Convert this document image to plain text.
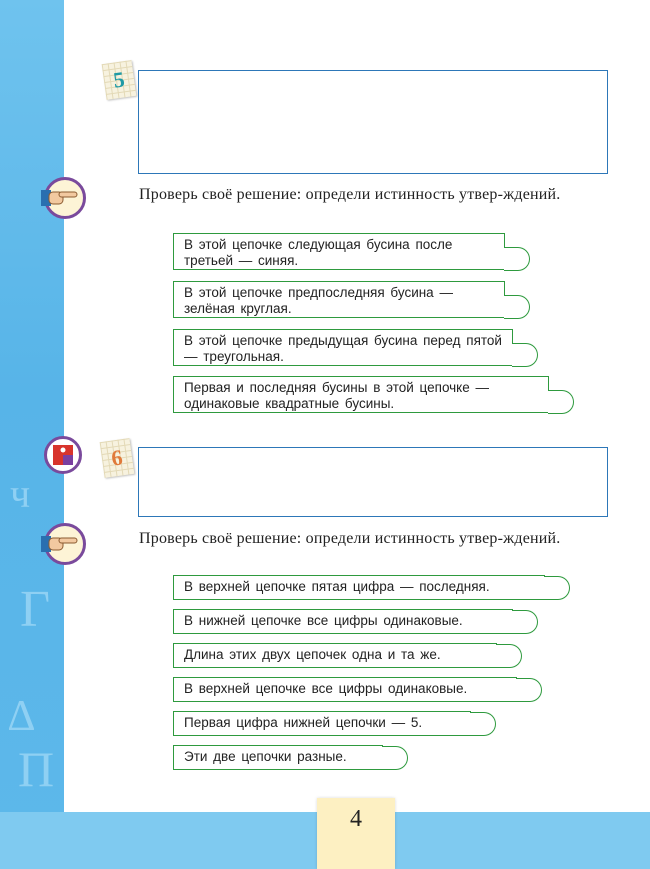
ч
Г
∆
П
5
Проверь своё решение: определи истинность утвер-ждений.
В этой цепочке следующая бусина после третьей — синяя.
В этой цепочке предпоследняя бусина — зелёная круглая.
В этой цепочке предыдущая бусина перед пятой — треугольная.
Первая и последняя бусины в этой цепочке — одинаковые квадратные бусины.
6
Проверь своё решение: определи истинность утвер-ждений.
В верхней цепочке пятая цифра — последняя.
В нижней цепочке все цифры одинаковые.
Длина этих двух цепочек одна и та же.
В верхней цепочке все цифры одинаковые.
Первая цифра нижней цепочки — 5.
Эти две цепочки разные.
4
